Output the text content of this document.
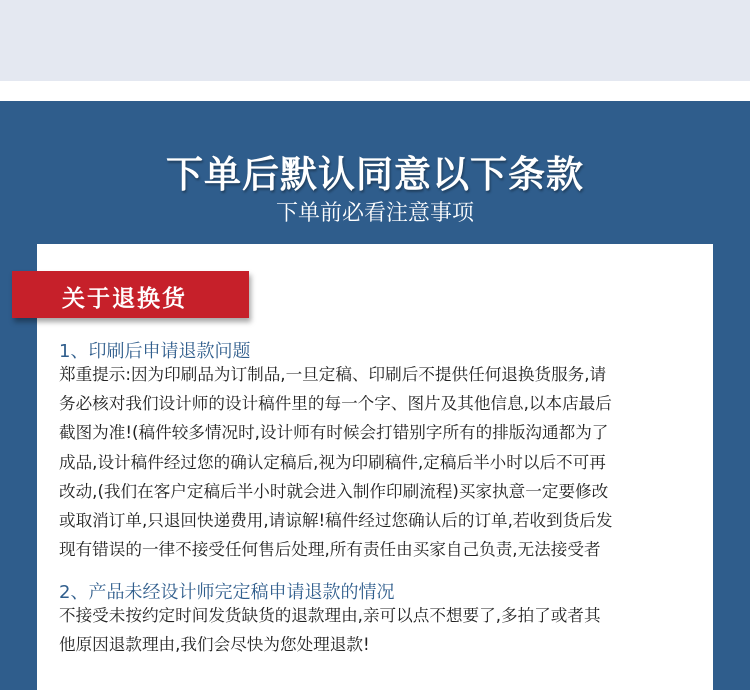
下单后默认同意以下条款
下单前必看注意事项
关于退换货
1、印刷后申请退款问题
郑重提示:因为印刷品为订制品,一旦定稿、印刷后不提供任何退换货服务,请
务必核对我们设计师的设计稿件里的每一个字、图片及其他信息,以本店最后
截图为准!(稿件较多情况时,设计师有时候会打错别字所有的排版沟通都为了
成品,设计稿件经过您的确认定稿后,视为印刷稿件,定稿后半小时以后不可再
改动,(我们在客户定稿后半小时就会进入制作印刷流程)买家执意一定要修改
或取消订单,只退回快递费用,请谅解!稿件经过您确认后的订单,若收到货后发
现有错误的一律不接受任何售后处理,所有责任由买家自己负责,无法接受者
2、产品未经设计师完定稿申请退款的情况
不接受未按约定时间发货缺货的退款理由,亲可以点不想要了,多拍了或者其
他原因退款理由,我们会尽快为您处理退款!
